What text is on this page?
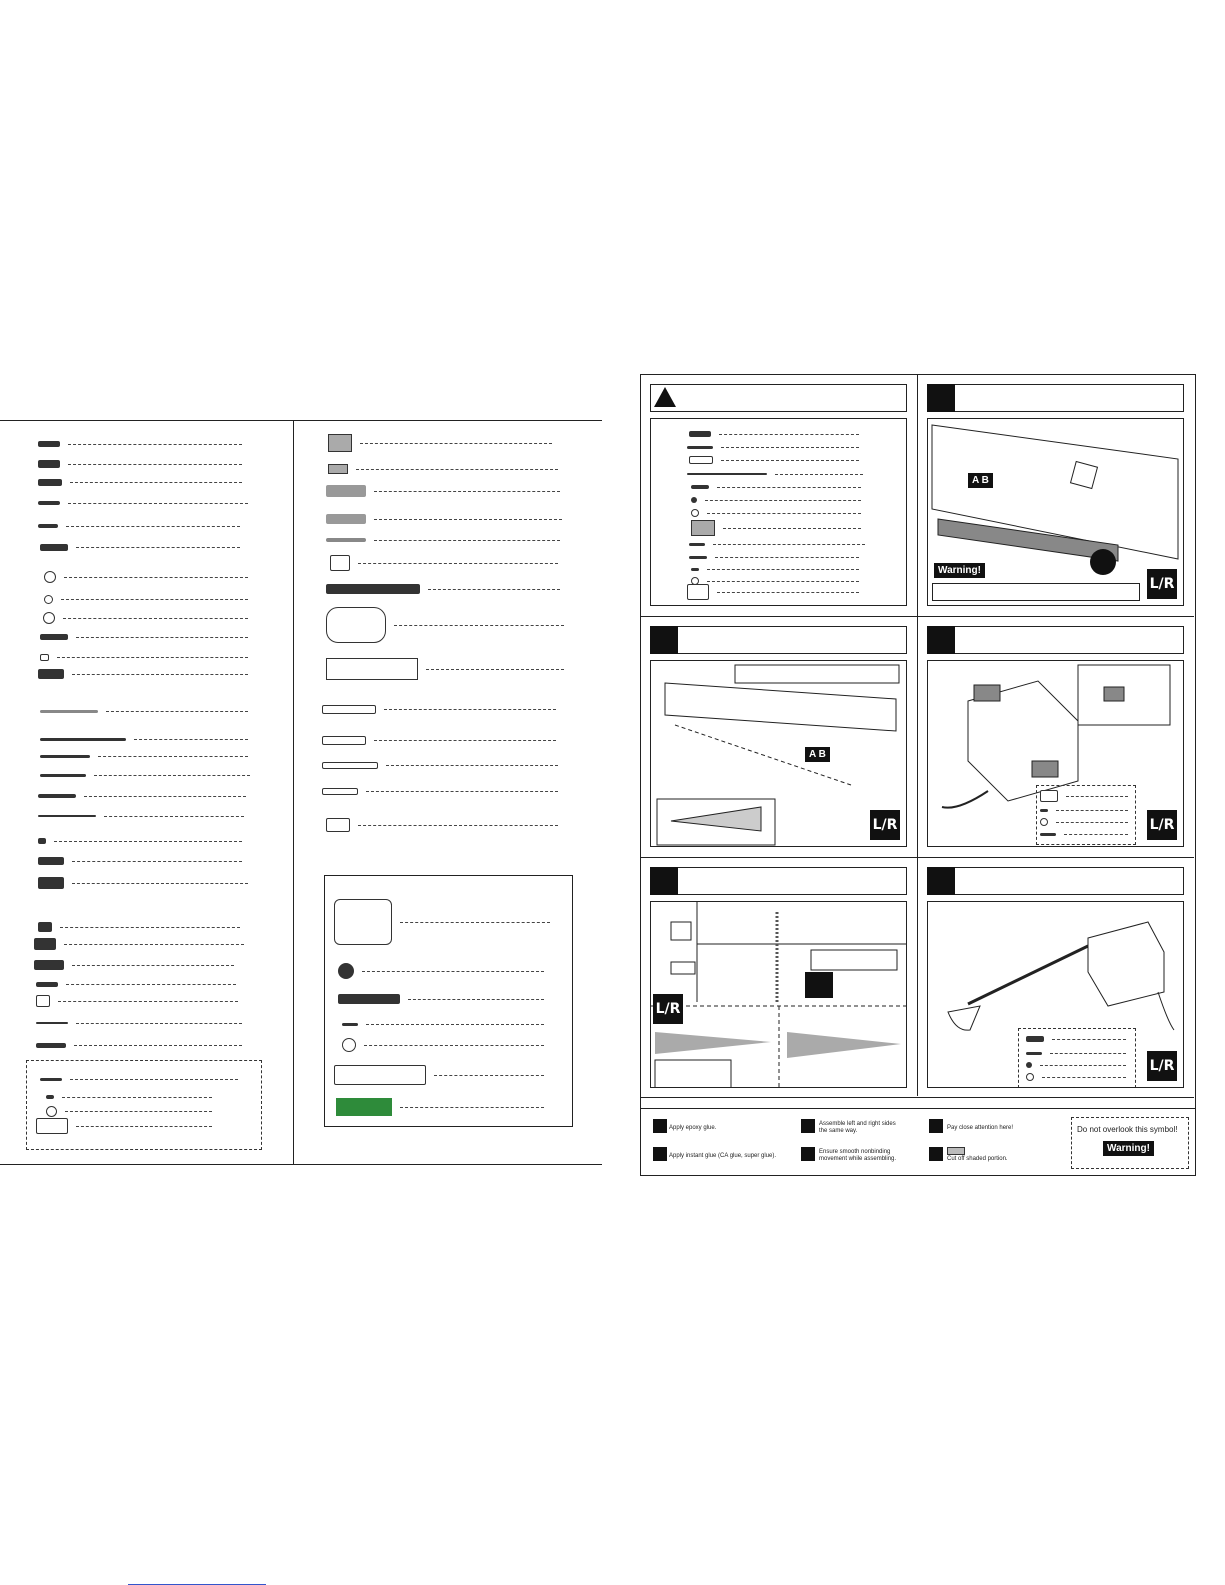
A B
Warning!
L/R
A B
L/R	L/R
L/R
L/R
Apply epoxy glue.
Apply instant glue (CA glue, super glue).
Assemble left and right sides
the same way.
Ensure smooth nonbinding
movement while assembling.
Pay close attention here!
Cut off shaded portion.
Do not overlook this symbol!
Warning!
